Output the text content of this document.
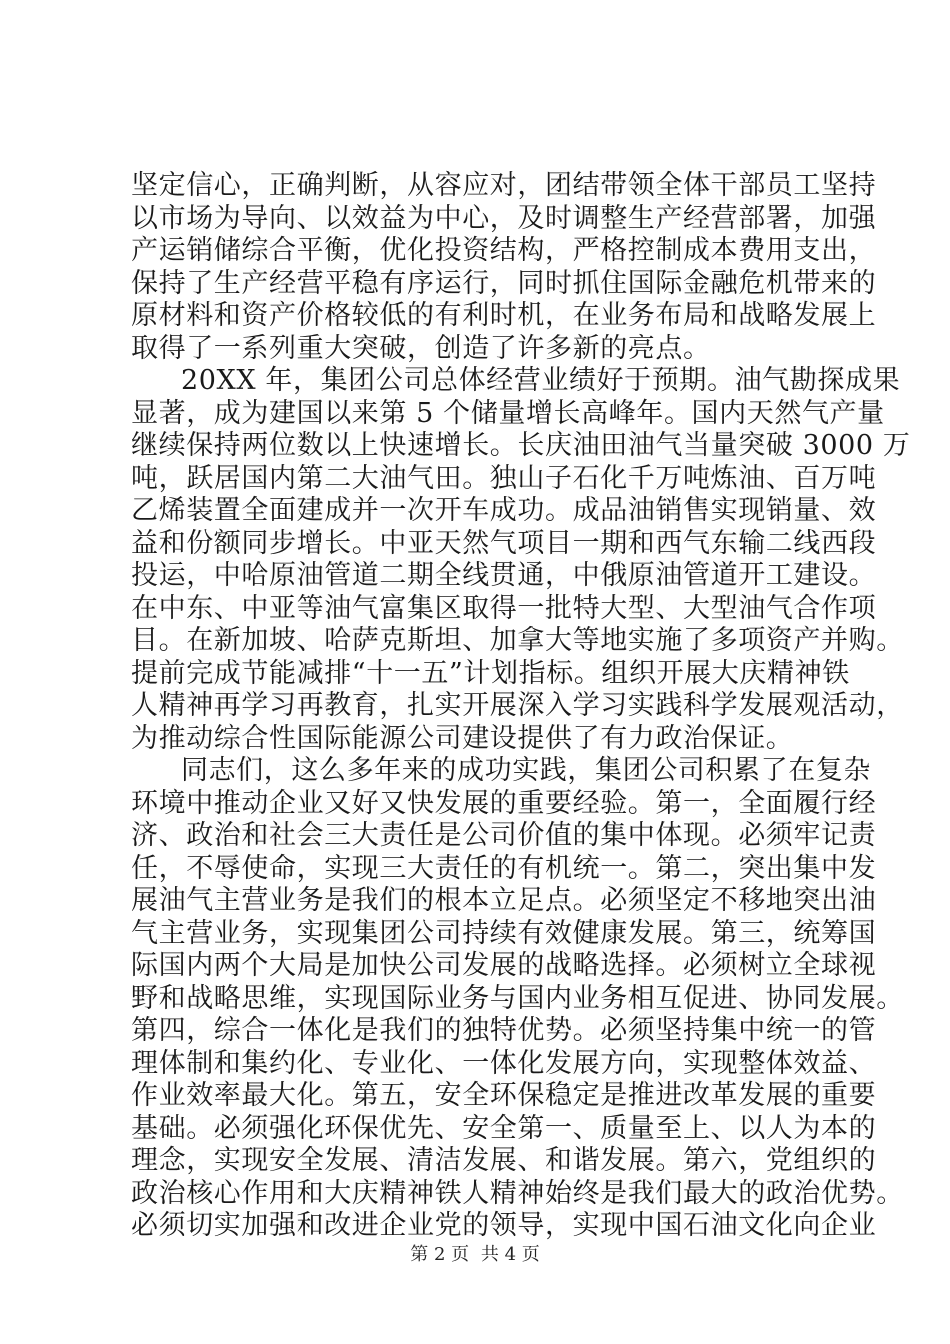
坚定信心，正确判断，从容应对，团结带领全体干部员工坚持
以市场为导向、以效益为中心，及时调整生产经营部署，加强
产运销储综合平衡，优化投资结构，严格控制成本费用支出，
保持了生产经营平稳有序运行，同时抓住国际金融危机带来的
原材料和资产价格较低的有利时机，在业务布局和战略发展上
取得了一系列重大突破，创造了许多新的亮点。
20XX 年，集团公司总体经营业绩好于预期。油气勘探成果
显著，成为建国以来第 5 个储量增长高峰年。国内天然气产量
继续保持两位数以上快速增长。长庆油田油气当量突破 3000 万
吨，跃居国内第二大油气田。独山子石化千万吨炼油、百万吨
乙烯装置全面建成并一次开车成功。成品油销售实现销量、效
益和份额同步增长。中亚天然气项目一期和西气东输二线西段
投运，中哈原油管道二期全线贯通，中俄原油管道开工建设。
在中东、中亚等油气富集区取得一批特大型、大型油气合作项
目。在新加坡、哈萨克斯坦、加拿大等地实施了多项资产并购。
提前完成节能减排“十一五”计划指标。组织开展大庆精神铁
人精神再学习再教育，扎实开展深入学习实践科学发展观活动，
为推动综合性国际能源公司建设提供了有力政治保证。
同志们，这么多年来的成功实践，集团公司积累了在复杂
环境中推动企业又好又快发展的重要经验。第一，全面履行经
济、政治和社会三大责任是公司价值的集中体现。必须牢记责
任，不辱使命，实现三大责任的有机统一。第二，突出集中发
展油气主营业务是我们的根本立足点。必须坚定不移地突出油
气主营业务，实现集团公司持续有效健康发展。第三，统筹国
际国内两个大局是加快公司发展的战略选择。必须树立全球视
野和战略思维，实现国际业务与国内业务相互促进、协同发展。
第四，综合一体化是我们的独特优势。必须坚持集中统一的管
理体制和集约化、专业化、一体化发展方向，实现整体效益、
作业效率最大化。第五，安全环保稳定是推进改革发展的重要
基础。必须强化环保优先、安全第一、质量至上、以人为本的
理念，实现安全发展、清洁发展、和谐发展。第六，党组织的
政治核心作用和大庆精神铁人精神始终是我们最大的政治优势。
必须切实加强和改进企业党的领导，实现中国石油文化向企业
第 2 页 共 4 页
